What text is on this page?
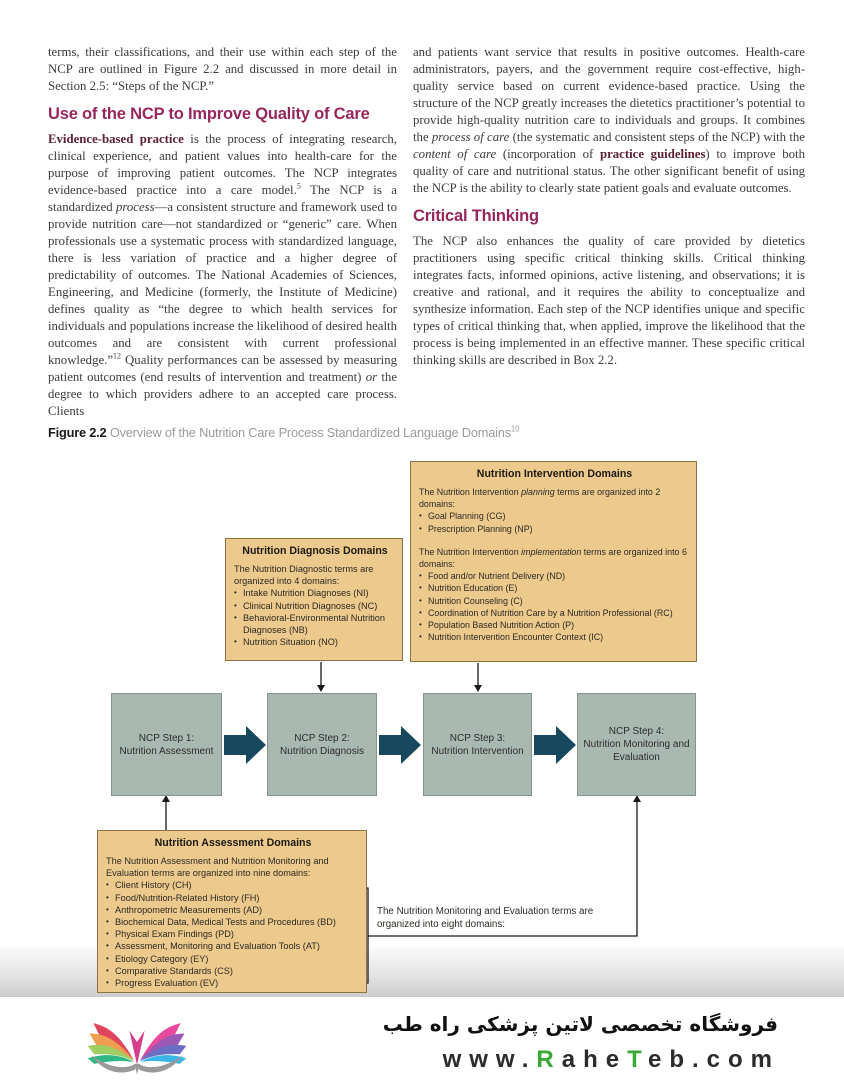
terms, their classifications, and their use within each step of the NCP are outlined in Figure 2.2 and discussed in more detail in Section 2.5: “Steps of the NCP.”

Use of the NCP to Improve Quality of Care

Evidence-based practice is the process of integrating research, clinical experience, and patient values into health-care for the purpose of improving patient outcomes. The NCP integrates evidence-based practice into a care model.$^5$ The NCP is a standardized process—a consistent structure and framework used to provide nutrition care—not standardized or “generic” care. When professionals use a systematic process with standardized language, there is less variation of practice and a higher degree of predictability of outcomes. The National Academies of Sciences, Engineering, and Medicine (formerly, the Institute of Medicine) defines quality as “the degree to which health services for individuals and populations increase the likelihood of desired health outcomes and are consistent with current professional knowledge.”$^{12}$ Quality performances can be assessed by measuring patient outcomes (end results of intervention and treatment) or the degree to which providers adhere to an accepted care process. Clients

and patients want service that results in positive outcomes. Health-care administrators, payers, and the government require cost-effective, high-quality service based on current evidence-based practice. Using the structure of the NCP greatly increases the dietetics practitioner’s potential to provide high-quality nutrition care to individuals and groups. It combines the process of care (the systematic and consistent steps of the NCP) with the content of care (incorporation of practice guidelines) to improve both quality of care and nutritional status. The other significant benefit of using the NCP is the ability to clearly state patient goals and evaluate outcomes.

Critical Thinking

The NCP also enhances the quality of care provided by dietetics practitioners using specific critical thinking skills. Critical thinking integrates facts, informed opinions, active listening, and observations; it is creative and rational, and it requires the ability to conceptualize and synthesize information. Each step of the NCP identifies unique and specific types of critical thinking that, when applied, improve the likelihood that the process is being implemented in an effective manner. These specific critical thinking skills are described in Box 2.2.

Figure 2.2 Overview of the Nutrition Care Process Standardized Language Domains$^{10}$
Nutrition Intervention Domains
The Nutrition Intervention planning terms are organized into 2 domains:
• Goal Planning (CG)
• Prescription Planning (NP)
The Nutrition Intervention implementation terms are organized into 6 domains:
• Food and/or Nutrient Delivery (ND)
• Nutrition Education (E)
• Nutrition Counseling (C)
• Coordination of Nutrition Care by a Nutrition Professional (RC)
• Population Based Nutrition Action (P)
• Nutrition Intervention Encounter Context (IC)
Nutrition Diagnosis Domains
The Nutrition Diagnostic terms are organized into 4 domains:
• Intake Nutrition Diagnoses (NI)
• Clinical Nutrition Diagnoses (NC)
• Behavioral-Environmental Nutrition Diagnoses (NB)
• Nutrition Situation (NO)
Nutrition Assessment Domains
The Nutrition Assessment and Nutrition Monitoring and Evaluation terms are organized into nine domains:
• Client History (CH)
• Food/Nutrition-Related History (FH)
• Anthropometric Measurements (AD)
• Biochemical Data, Medical Tests and Procedures (BD)
• Physical Exam Findings (PD)
• Assessment, Monitoring and Evaluation Tools (AT)
• Etiology Category (EY)
• Comparative Standards (CS)
• Progress Evaluation (EV)
NCP Step 1:
Nutrition Assessment
NCP Step 2:
Nutrition Diagnosis
NCP Step 3:
Nutrition Intervention
NCP Step 4:
Nutrition Monitoring and Evaluation
The Nutrition Monitoring and Evaluation terms are organized into eight domains:
فروشگاه تخصصی لاتین پزشکی راه طب
www.RaheTeb.com
